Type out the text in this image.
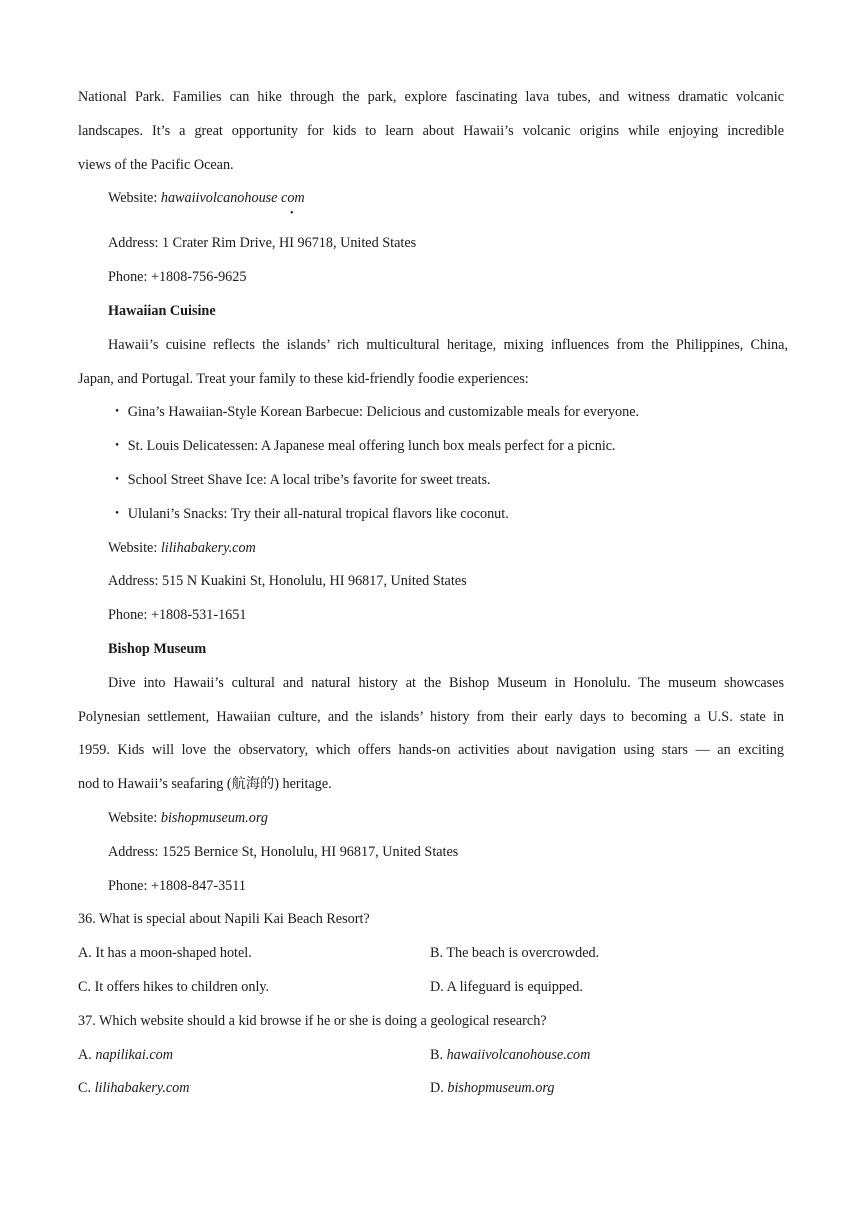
National Park. Families can hike through the park, explore fascinating lava tubes, and witness dramatic volcanic
landscapes. It’s a great opportunity for kids to learn about Hawaii’s volcanic origins while enjoying incredible
views of the Pacific Ocean.
Website: hawaiivolcanohouse com
•
Address: 1 Crater Rim Drive, HI 96718, United States
Phone: +1808-756-9625
Hawaiian Cuisine
Hawaii’s cuisine reflects the islands’ rich multicultural heritage, mixing influences from the Philippines, China,
Japan, and Portugal. Treat your family to these kid-friendly foodie experiences:
・ Gina’s Hawaiian-Style Korean Barbecue: Delicious and customizable meals for everyone.
・ St. Louis Delicatessen: A Japanese meal offering lunch box meals perfect for a picnic.
・ School Street Shave Ice: A local tribe’s favorite for sweet treats.
・ Ululani’s Snacks: Try their all-natural tropical flavors like coconut.
Website: lilihabakery.com
Address: 515 N Kuakini St, Honolulu, HI 96817, United States
Phone: +1808-531-1651
Bishop Museum
Dive into Hawaii’s cultural and natural history at the Bishop Museum in Honolulu. The museum showcases
Polynesian settlement, Hawaiian culture, and the islands’ history from their early days to becoming a U.S. state in
1959. Kids will love the observatory, which offers hands-on activities about navigation using stars — an exciting
nod to Hawaii’s seafaring (航海的) heritage.
Website: bishopmuseum.org
Address: 1525 Bernice St, Honolulu, HI 96817, United States
Phone: +1808-847-3511
36. What is special about Napili Kai Beach Resort?
A. It has a moon-shaped hotel.	B. The beach is overcrowded.
C. It offers hikes to children only.	D. A lifeguard is equipped.
37. Which website should a kid browse if he or she is doing a geological research?
A. napilikai.com	B. hawaiivolcanohouse.com
C. lilihabakery.com	D. bishopmuseum.org
